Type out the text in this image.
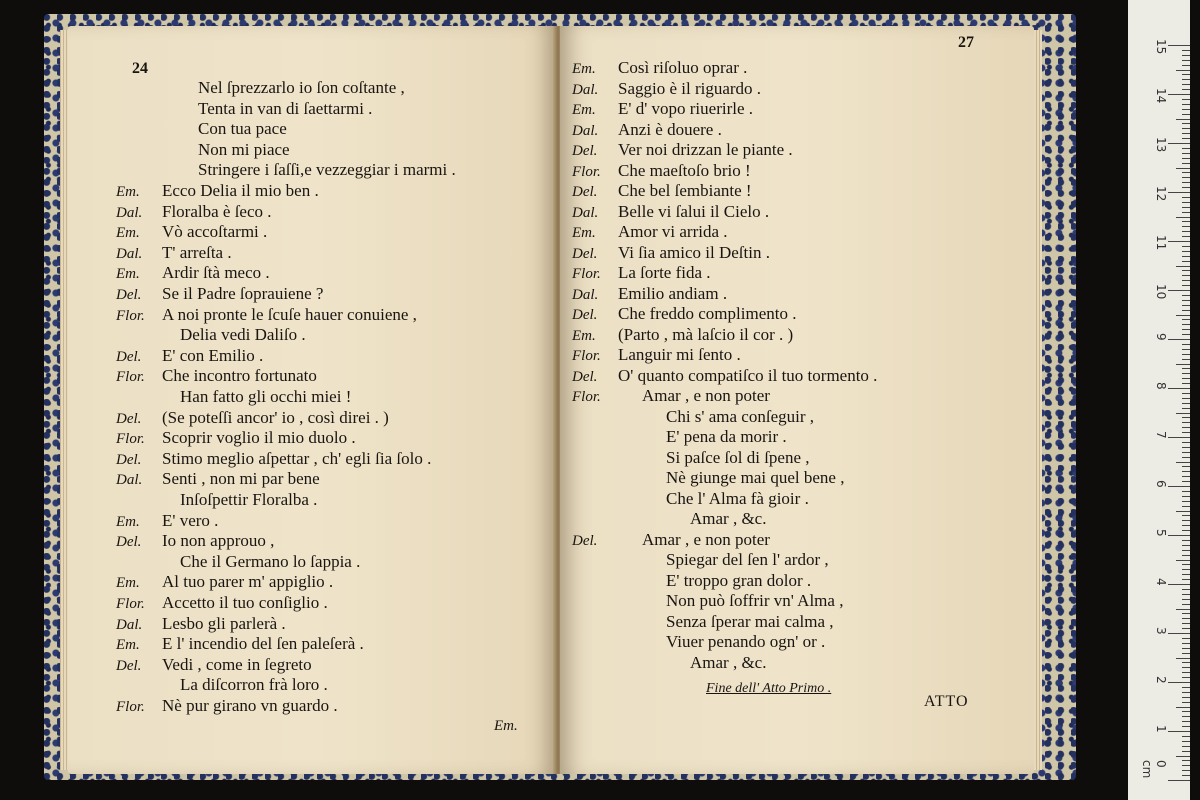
24
Nel ſprezzarlo io ſon coſtante ,
Tenta in van di ſaettarmi .
Con tua pace
Non mi piace
Stringere i ſaſſi,e vezzeggiar i marmi .
Em. Ecco Delia il mio ben .
Dal. Floralba è ſeco .
Em. Vò accoſtarmi .
Dal. T' arreſta .
Em. Ardir ſtà meco .
Del. Se il Padre ſoprauiene ?
Flor. A noi pronte le ſcuſe hauer conuiene ,
Delia vedi Daliſo .
Del. E' con Emilio .
Flor. Che incontro fortunato
Han fatto gli occhi miei !
Del. (Se poteſſi ancor' io , così direi . )
Flor. Scoprir voglio il mio duolo .
Del. Stimo meglio aſpettar , ch' egli ſia ſolo .
Dal. Senti , non mi par bene
Inſoſpettir Floralba .
Em. E' vero .
Del. Io non approuo ,
Che il Germano lo ſappia .
Em. Al tuo parer m' appiglio .
Flor. Accetto il tuo conſiglio .
Dal. Lesbo gli parlerà .
Em. E l' incendio del ſen paleſerà .
Del. Vedi , come in ſegreto
La diſcorron frà loro .
Flor. Nè pur girano vn guardo .
Em.
27
Em. Così riſoluo oprar .
Dal. Saggio è il riguardo .
Em. E' d' vopo riuerirle .
Dal. Anzi è douere .
Del. Ver noi drizzan le piante .
Flor. Che maeſtoſo brio !
Del. Che bel ſembiante !
Dal. Belle vi ſalui il Cielo .
Em. Amor vi arrida .
Del. Vi ſia amico il Deſtin .
Flor. La ſorte fida .
Dal. Emilio andiam .
Del. Che freddo complimento .
Em. (Parto , mà laſcio il cor . )
Flor. Languir mi ſento .
Del. O' quanto compatiſco il tuo tormento .
Flor. Amar , e non poter
Chi s' ama conſeguir ,
E' pena da morir .
Si paſce ſol di ſpene ,
Nè giunge mai quel bene ,
Che l' Alma fà gioir .
Amar , &c.
Del.	Amar , e non poter
Spiegar del ſen l' ardor ,
E' troppo gran dolor .
Non può ſoffrir vn' Alma ,
Senza ſperar mai calma ,
Viuer penando ogn' or .
Amar , &c.
Fine dell' Atto Primo .
ATTO
0 cm
1
2
3
4
5
6
7
8
9
10
11
12
13
14
15
